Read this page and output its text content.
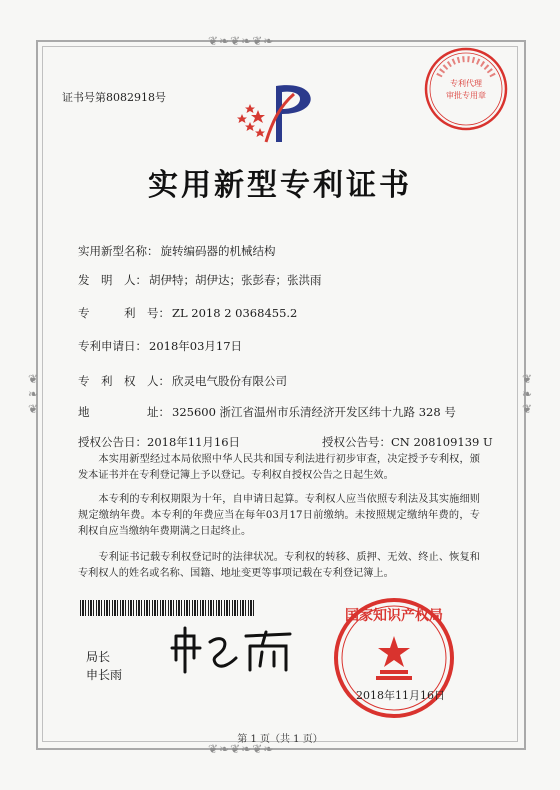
❦❧❦❧❦❧
❦❧❦❧❦❧
❦❧❦	❦❧❦
证书号第8082918号
专利代理
审批专用章
实用新型专利证书
实用新型名称： 旋转编码器的机械结构
发　明　人： 胡伊特；胡伊达；张彭春；张洪雨
专　　　利　号： ZL 2018 2 0368455.2
专利申请日： 2018年03月17日
专　利　权　人： 欣灵电气股份有限公司
地　　　　　址： 325600 浙江省温州市乐清经济开发区纬十九路 328 号
授权公告日：2018年11月16日	授权公告号：CN 208109139 U

本实用新型经过本局依照中华人民共和国专利法进行初步审查，决定授予专利权，颁发本证书并在专利登记簿上予以登记。专利权自授权公告之日起生效。

本专利的专利权期限为十年，自申请日起算。专利权人应当依照专利法及其实施细则规定缴纳年费。本专利的年费应当在每年03月17日前缴纳。未按照规定缴纳年费的，专利权自应当缴纳年费期满之日起终止。

专利证书记载专利权登记时的法律状况。专利权的转移、质押、无效、终止、恢复和专利权人的姓名或名称、国籍、地址变更等事项记载在专利登记簿上。

局长
申长雨
国家知识产权局
2018年11月16日
第 1 页（共 1 页）
